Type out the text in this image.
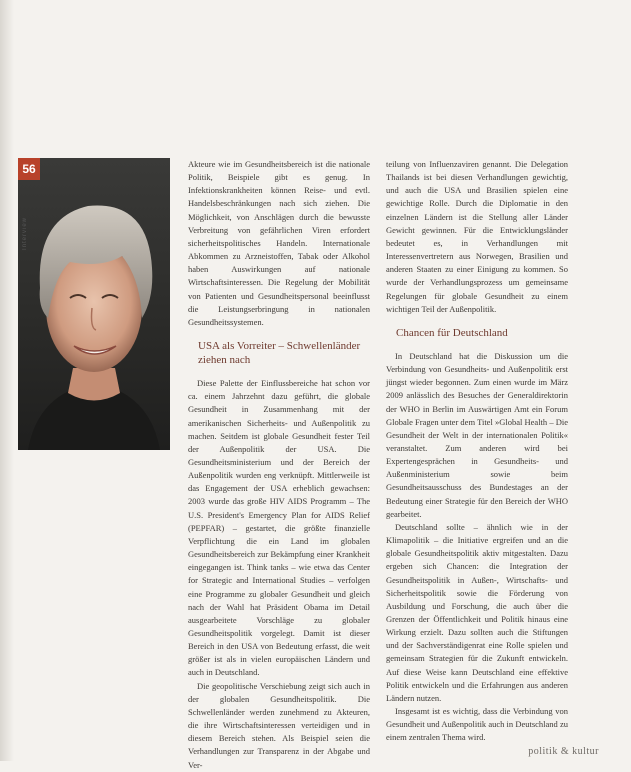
56
Interview

Akteure wie im Gesundheitsbereich ist die nationale Politik, Beispiele gibt es genug. In Infektionskrankheiten können Reise- und evtl. Handelsbeschränkungen nach sich ziehen. Die Möglichkeit, von Anschlägen durch die bewusste Verbreitung von gefährlichen Viren erfordert sicherheitspolitisches Handeln. Internationale Abkommen zu Arzneistoffen, Tabak oder Alkohol haben Auswirkungen auf nationale Wirtschaftsinteressen. Die Regelung der Mobilität von Patienten und Gesundheitspersonal beeinflusst die Leistungserbringung in nationalen Gesundheitssystemen.

USA als Vorreiter – Schwellenländer ziehen nach

Diese Palette der Einflussbereiche hat schon vor ca. einem Jahrzehnt dazu geführt, die globale Gesundheit in Zusammenhang mit der amerikanischen Sicherheits- und Außenpolitik zu machen. Seitdem ist globale Gesundheit fester Teil der Außenpolitik der USA. Die Gesundheitsministerium und der Bereich der Außenpolitik wurden eng verknüpft. Mittlerweile ist das Engagement der USA erheblich gewachsen: 2003 wurde das große HIV AIDS Programm – The U.S. President's Emergency Plan for AIDS Relief (PEPFAR) – gestartet, die größte finanzielle Verpflichtung die ein Land im globalen Gesundheitsbereich zur Bekämpfung einer Krankheit eingegangen ist. Think tanks – wie etwa das Center for Strategic and International Studies – verfolgen eine Programme zu globaler Gesundheit und gleich nach der Wahl hat Präsident Obama im Detail ausgearbeitete Vorschläge zu globaler Gesundheitspolitik vorgelegt. Damit ist dieser Bereich in den USA von Bedeutung erfasst, die weit größer ist als in vielen europäischen Ländern und auch in Deutschland.

Die geopolitische Verschiebung zeigt sich auch in der globalen Gesundheitspolitik. Die Schwellenländer werden zunehmend zu Akteuren, die ihre Wirtschaftsinteressen verteidigen und in diesem Bereich stehen. Als Beispiel seien die Verhandlungen zur Transparenz in der Abgabe und Ver-

teilung von Influenzaviren genannt. Die Delegation Thailands ist bei diesen Verhandlungen gewichtig, und auch die USA und Brasilien spielen eine gewichtige Rolle. Durch die Diplomatie in den einzelnen Ländern ist die Stellung aller Länder Gewicht gewinnen. Für die Entwicklungsländer bedeutet es, in Verhandlungen mit Interessenvertretern aus Norwegen, Brasilien und anderen Staaten zu einer Einigung zu kommen. So wurde der Verhandlungsprozess um gemeinsame Regelungen für globale Gesundheit zu einem wichtigen Teil der Außenpolitik.

Chancen für Deutschland

In Deutschland hat die Diskussion um die Verbindung von Gesundheits- und Außenpolitik erst jüngst wieder begonnen. Zum einen wurde im März 2009 anlässlich des Besuches der Generaldirektorin der WHO in Berlin im Auswärtigen Amt ein Forum Globale Fragen unter dem Titel »Global Health – Die Gesundheit der Welt in der internationalen Politik« veranstaltet. Zum anderen wird bei Expertengesprächen in Gesundheits- und Außenministerium sowie beim Gesundheitsausschuss des Bundestages an der Bedeutung einer Strategie für den Bereich der WHO gearbeitet.

Deutschland sollte – ähnlich wie in der Klimapolitik – die Initiative ergreifen und an die globale Gesundheitspolitik aktiv mitgestalten. Dazu ergeben sich Chancen: die Integration der Gesundheitspolitik in Außen-, Wirtschafts- und Sicherheitspolitik sowie die Förderung von Ausbildung und Forschung, die auch über die Grenzen der Öffentlichkeit und Politik hinaus eine Wirkung erzielt. Dazu sollten auch die Stiftungen und der Sachverständigenrat eine Rolle spielen und gemeinsam Strategien für die Zukunft entwickeln. Auf diese Weise kann Deutschland eine effektive Politik entwickeln und die Erfahrungen aus anderen Ländern nutzen.

Insgesamt ist es wichtig, dass die Verbindung von Gesundheit und Außenpolitik auch in Deutschland zu einem zentralen Thema wird.

politik & kultur
